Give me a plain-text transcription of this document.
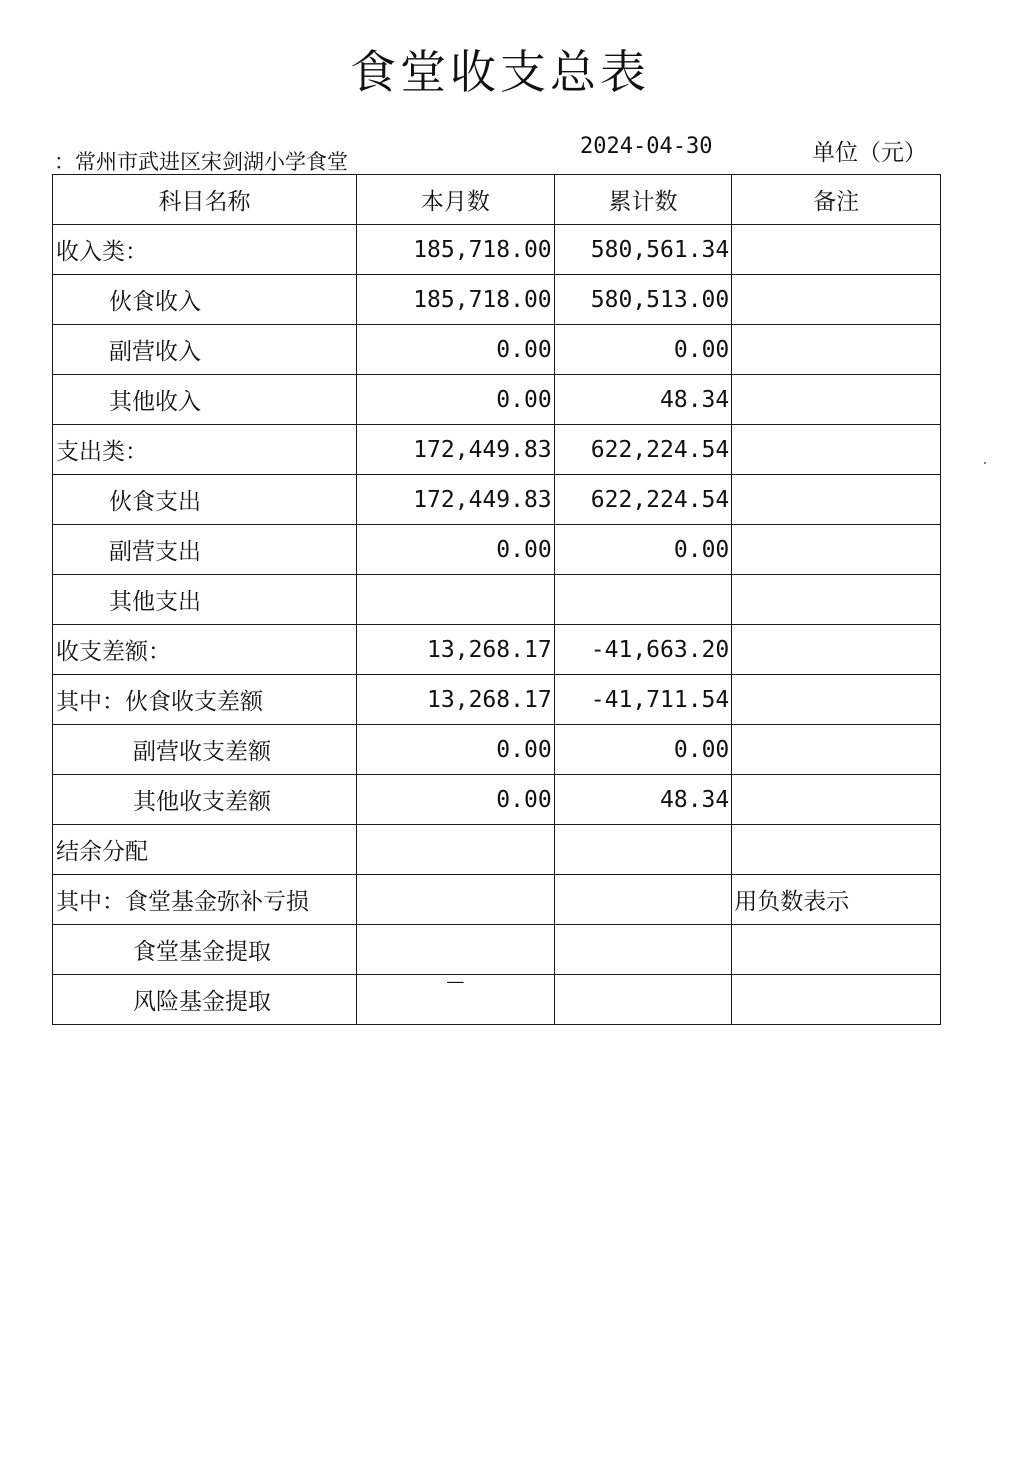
食堂收支总表
：常州市武进区宋剑湖小学食堂
2024-04-30	单位（元）
科目名称	本月数	累计数	备注
收入类：	185,718.00	580,561.34	
伙食收入	185,718.00	580,513.00	
副营收入	0.00	0.00	
其他收入	0.00	48.34	
支出类：	172,449.83	622,224.54	
伙食支出	172,449.83	622,224.54	
副营支出	0.00	0.00	
其他支出			
收支差额：	13,268.17	-41,663.20	
其中：伙食收支差额	13,268.17	-41,711.54	
副营收支差额	0.00	0.00	
其他收支差额	0.00	48.34	
结余分配			
其中：食堂基金弥补亏损			用负数表示
食堂基金提取			
风险基金提取	—		
